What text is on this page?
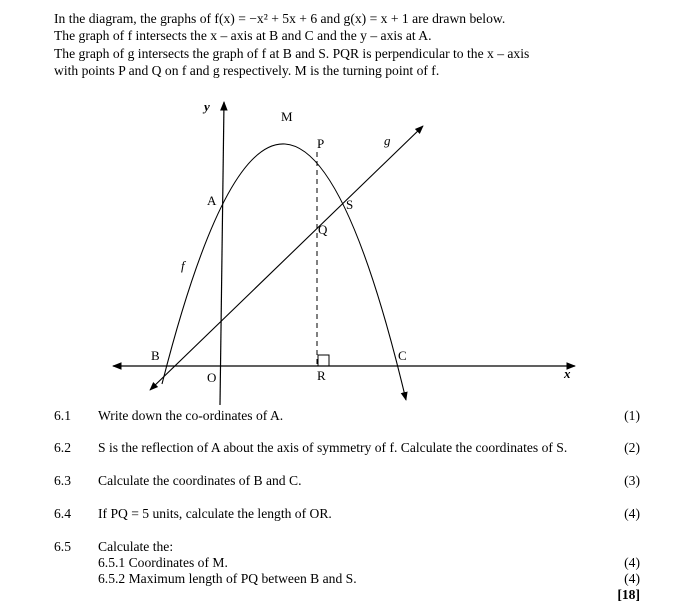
In the diagram, the graphs of f(x) = −x² + 5x + 6 and g(x) = x + 1 are drawn below.
The graph of f intersects the x – axis at B and C and the y – axis at A.
The graph of g intersects the graph of f at B and S. PQR is perpendicular to the x – axis
with points P and Q on f and g respectively. M is the turning point of f.
y
x
M
P	g
A	S
Q
f
B	C
O	R
6.1 Write down the co-ordinates of A.	(1)
6.2 S is the reflection of A about the axis of symmetry of f. Calculate the coordinates of S.	(2)
6.3 Calculate the coordinates of B and C.	(3)
6.4 If PQ = 5 units, calculate the length of OR.	(4)
6.5 Calculate the:
6.5.1 Coordinates of M.	(4)
6.5.2 Maximum length of PQ between B and S.	(4)
[18]
